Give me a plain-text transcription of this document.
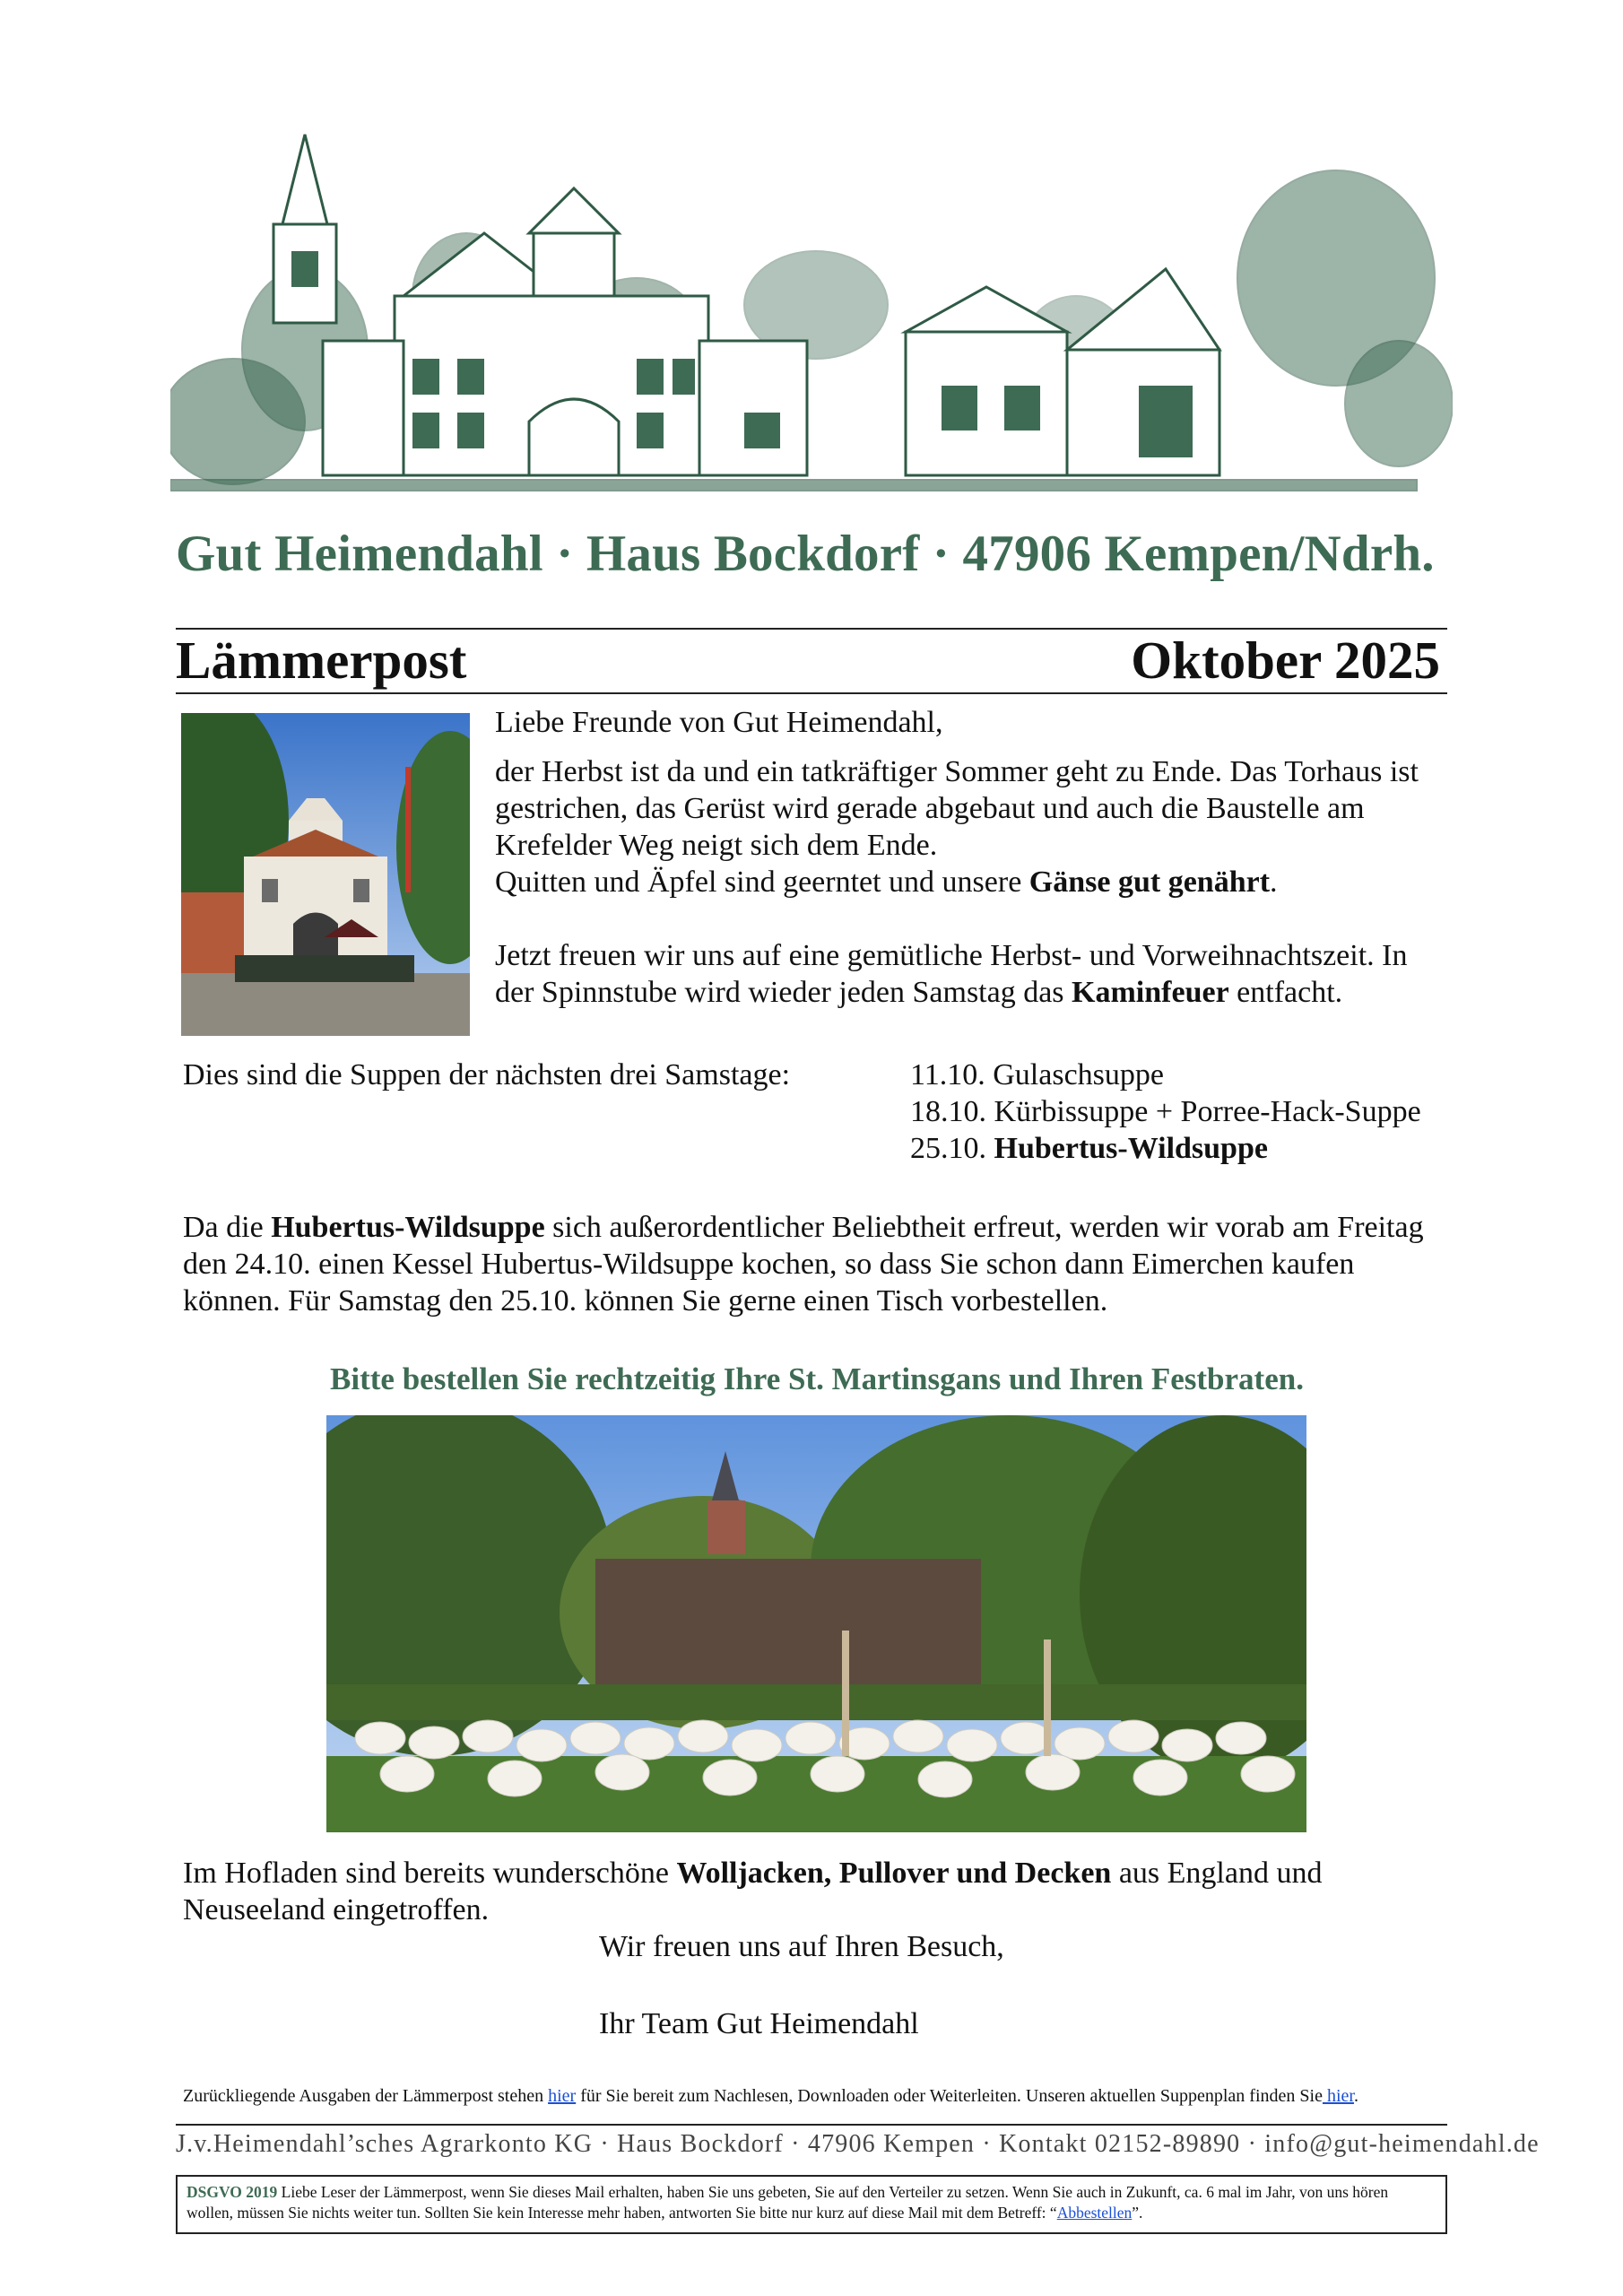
Gut Heimendahl · Haus Bockdorf · 47906 Kempen/Ndrh.
Lämmerpost	Oktober 2025

Liebe Freunde von Gut Heimendahl,

der Herbst ist da und ein tatkräftiger Sommer geht zu Ende. Das Torhaus ist gestrichen, das Gerüst wird gerade abgebaut und auch die Baustelle am Krefelder Weg neigt sich dem Ende.

Quitten und Äpfel sind geerntet und unsere Gänse gut genährt.

Jetzt freuen wir uns auf eine gemütliche Herbst- und Vorweihnachtszeit. In der Spinnstube wird wieder jeden Samstag das Kaminfeuer entfacht.

Dies sind die Suppen der nächsten drei Samstage:	11.10. Gulaschsuppe
18.10. Kürbissuppe + Porree-Hack-Suppe
25.10. Hubertus-Wildsuppe
Da die Hubertus-Wildsuppe sich außerordentlicher Beliebtheit erfreut, werden wir vorab am Freitag den 24.10. einen Kessel Hubertus-Wildsuppe kochen, so dass Sie schon dann Eimerchen kaufen können. Für Samstag den 25.10. können Sie gerne einen Tisch vorbestellen.
Bitte bestellen Sie rechtzeitig Ihre St. Martinsgans und Ihren Festbraten.
Im Hofladen sind bereits wunderschöne Wolljacken, Pullover und Decken aus England und Neuseeland eingetroffen.
Wir freuen uns auf Ihren Besuch,
Ihr Team Gut Heimendahl
Zurückliegende Ausgaben der Lämmerpost stehen hier für Sie bereit zum Nachlesen, Downloaden oder Weiterleiten. Unseren aktuellen Suppenplan finden Sie hier.
J.v.Heimendahl’sches Agrarkonto KG · Haus Bockdorf · 47906 Kempen · Kontakt 02152-89890 · info@gut-heimendahl.de
DSGVO 2019 Liebe Leser der Lämmerpost, wenn Sie dieses Mail erhalten, haben Sie uns gebeten, Sie auf den Verteiler zu setzen. Wenn Sie auch in Zukunft, ca. 6 mal im Jahr, von uns hören wollen, müssen Sie nichts weiter tun. Sollten Sie kein Interesse mehr haben, antworten Sie bitte nur kurz auf diese Mail mit dem Betreff: “Abbestellen”.
